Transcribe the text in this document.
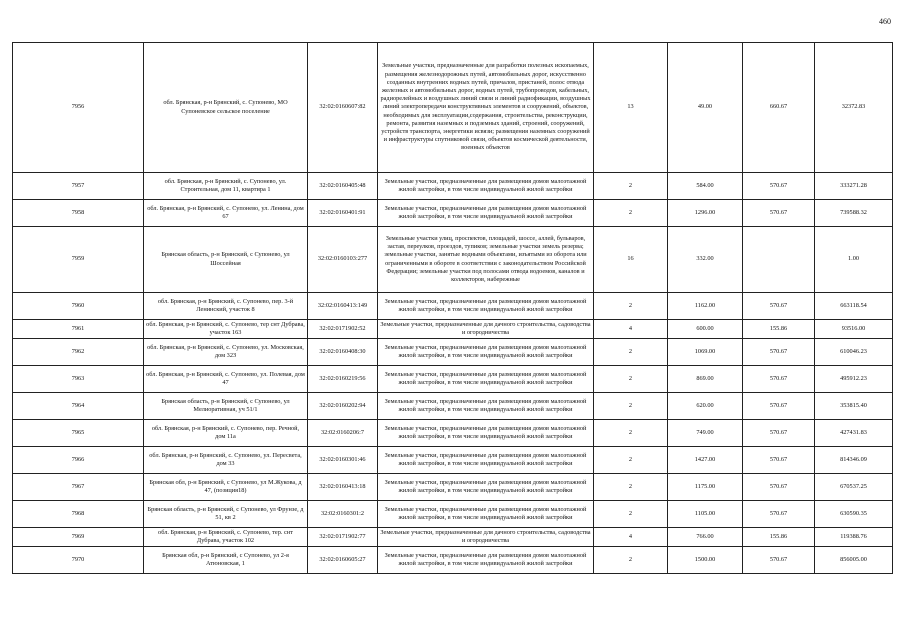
460
7956	обл. Брянская, р-н Брянский, с. Супонево, МО Супоневское сельское поселение	32:02:0160607:82	Земельные участки, предназначенные для разработки полезных ископаемых, размещения железнодорожных путей, автомобильных дорог, искусственно созданных внутренних водных путей, причалов, пристаней, полос отвода железных и автомобильных дорог, водных путей, трубопроводов, кабельных, радиорелейных и воздушных линий связи и линий радиофикации, воздушных линий электропередачи конструктивных элементов и сооружений, объектов, необходимых для эксплуатации,содержания, строительства, реконструкции, ремонта, развития наземных и подземных зданий, строений, сооружений, устройств транспорта, энергетики исвязи; размещения наземных сооружений и инфраструктуры спутниковой связи, объектов космической деятельности, военных объектов	13	49.00	660.67	32372.83
7957	обл. Брянская, р-н Брянский, с. Супонево, ул. Строительная, дом 11, квартира 1	32:02:0160405:48	Земельные участки, предназначенные для размещения домов малоэтажной жилой застройки, в том числе индивидуальной жилой застройки	2	584.00	570.67	333271.28
7958	обл. Брянская, р-н Брянский, с. Супонево, ул. Ленина, дом 67	32:02:0160401:91	Земельные участки, предназначенные для размещения домов малоэтажной жилой застройки, в том числе индивидуальной жилой застройки	2	1296.00	570.67	739588.32
7959	Брянская область, р-н Брянский, с Супонево, ул Шоссейная	32:02:0160103:277	Земельные участки улиц, проспектов, площадей, шоссе, аллей, бульваров, застав, переулков, проездов, тупиков; земельные участки земель резерва; земельные участки, занятые водными объектами, изъятыми из оборота или ограниченными в обороте в соответствии с законодательством Российской Федерации; земельные участки под полосами отвода водоемов, каналов и коллекторов, набережные	16	332.00		1.00
7960	обл. Брянская, р-н Брянский, с. Супонево, пер. 3-й Ленинский, участок 8	32:02:0160413:149	Земельные участки, предназначенные для размещения домов малоэтажной жилой застройки, в том числе индивидуальной жилой застройки	2	1162.00	570.67	663118.54
7961	обл. Брянская, р-н Брянский, с. Супонево, тер снт Дубрава, участок 163	32:02:0171902:52	Земельные участки, предназначенные для дачного строительства, садоводства и огородничества	4	600.00	155.86	93516.00
7962	обл. Брянская, р-н Брянский, с. Супонево, ул. Московская, дом 32З	32:02:0160408:30	Земельные участки, предназначенные для размещения домов малоэтажной жилой застройки, в том числе индивидуальной жилой застройки	2	1069.00	570.67	610046.23
7963	обл. Брянская, р-н Брянский, с. Супонево, ул. Полевая, дом 47	32:02:0160219:56	Земельные участки, предназначенные для размещения домов малоэтажной жилой застройки, в том числе индивидуальной жилой застройки	2	869.00	570.67	495912.23
7964	Брянская область, р-н Брянский, с Супонево, ул Мелиоративная, уч 51/1	32:02:0160202:94	Земельные участки, предназначенные для размещения домов малоэтажной жилой застройки, в том числе индивидуальной жилой застройки	2	620.00	570.67	353815.40
7965	обл. Брянская, р-н Брянский, с. Супонево, пер. Речной, дом 11а	32:02:0160206:7	Земельные участки, предназначенные для размещения домов малоэтажной жилой застройки, в том числе индивидуальной жилой застройки	2	749.00	570.67	427431.83
7966	обл. Брянская, р-н Брянский, с. Супонево, ул. Пересвета, дом 33	32:02:0160301:46	Земельные участки, предназначенные для размещения домов малоэтажной жилой застройки, в том числе индивидуальной жилой застройки	2	1427.00	570.67	814346.09
7967	Брянская обл, р-н Брянский, с Супонево, ул М.Жукова, д 47, (позиция18)	32:02:0160413:18	Земельные участки, предназначенные для размещения домов малоэтажной жилой застройки, в том числе индивидуальной жилой застройки	2	1175.00	570.67	670537.25
7968	Брянская область, р-н Брянский, с Супонево, ул Фрунзе, д 51, кв 2	32:02:0160301:2	Земельные участки, предназначенные для размещения домов малоэтажной жилой застройки, в том числе индивидуальной жилой застройки	2	1105.00	570.67	630590.35
7969	обл. Брянская, р-н Брянский, с. Супонево, тер. снт Дубрава, участок 102	32:02:0171902:77	Земельные участки, предназначенные для дачного строительства, садоводства и огородничества	4	766.00	155.86	119388.76
7970	Брянская обл, р-н Брянский, с Супонево, ул 2-я Атюновская, 1	32:02:0160605:27	Земельные участки, предназначенные для размещения домов малоэтажной жилой застройки, в том числе индивидуальной жилой застройки	2	1500.00	570.67	856005.00
